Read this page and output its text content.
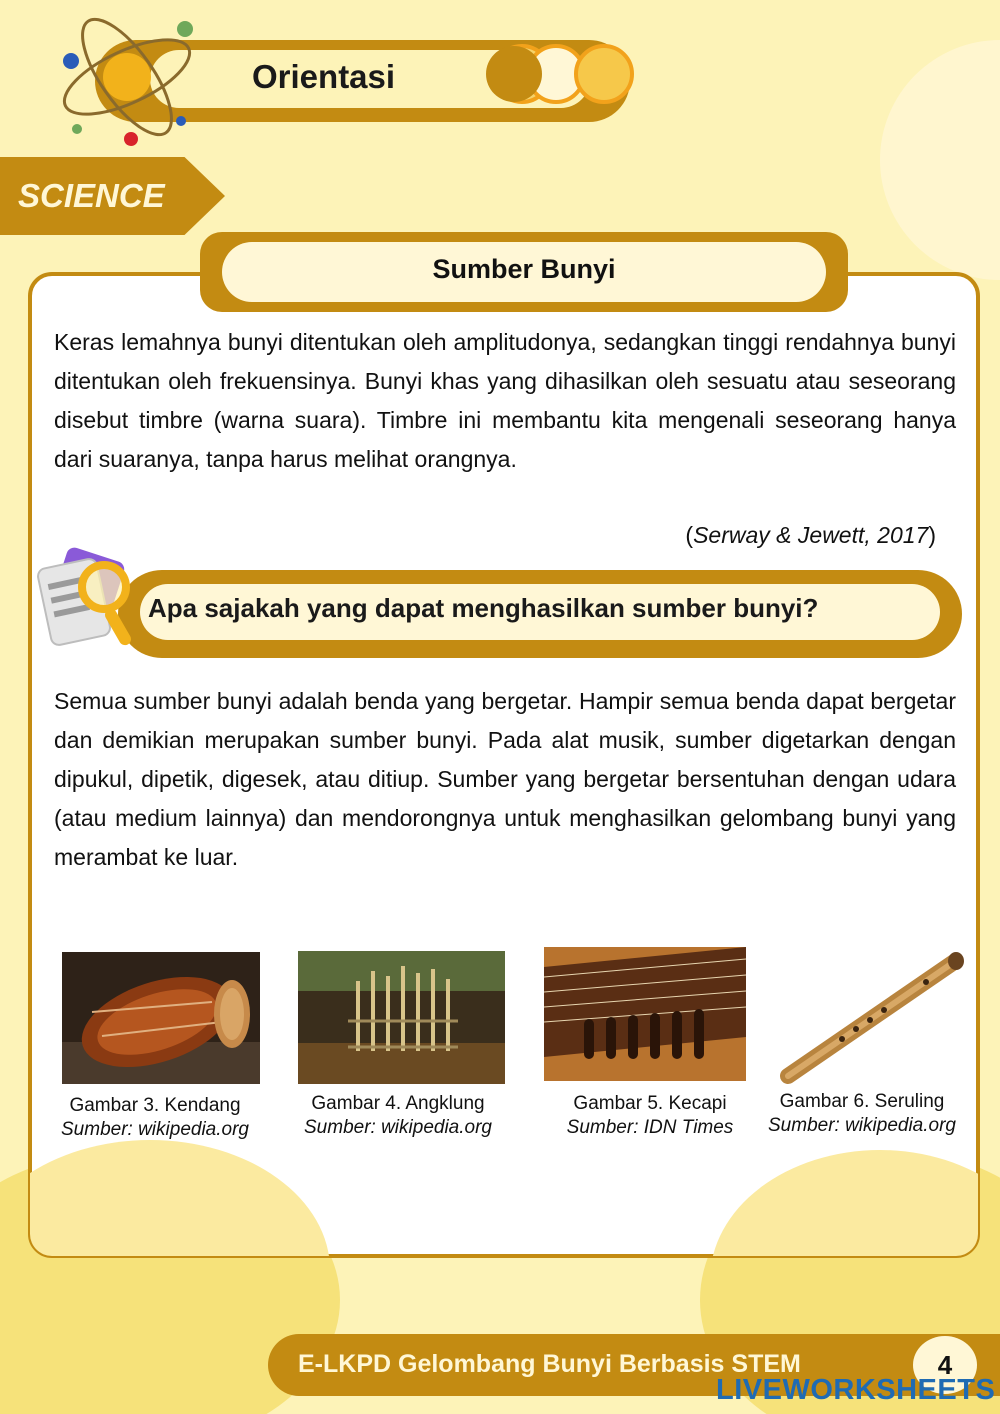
Orientasi
SCIENCE
Sumber Bunyi
Keras lemahnya bunyi ditentukan oleh amplitudonya, sedangkan tinggi rendahnya bunyi ditentukan oleh frekuensinya. Bunyi khas yang dihasilkan oleh sesuatu atau seseorang disebut timbre (warna suara). Timbre ini membantu kita mengenali seseorang hanya dari suaranya, tanpa harus melihat orangnya.
(Serway & Jewett, 2017)
Apa sajakah yang dapat menghasilkan sumber bunyi?
Semua sumber bunyi adalah benda yang bergetar. Hampir semua benda dapat bergetar dan demikian merupakan sumber bunyi. Pada alat musik, sumber digetarkan dengan dipukul, dipetik, digesek, atau ditiup. Sumber yang bergetar bersentuhan dengan udara (atau medium lainnya) dan mendorongnya untuk menghasilkan gelombang bunyi yang merambat ke luar.
Gambar 3. Kendang
Sumber: wikipedia.org
Gambar 4. Angklung
Sumber: wikipedia.org
Gambar 5. Kecapi
Sumber: IDN Times
Gambar 6. Seruling
Sumber: wikipedia.org
E-LKPD Gelombang Bunyi Berbasis STEM	4
LIVEWORKSHEETS
